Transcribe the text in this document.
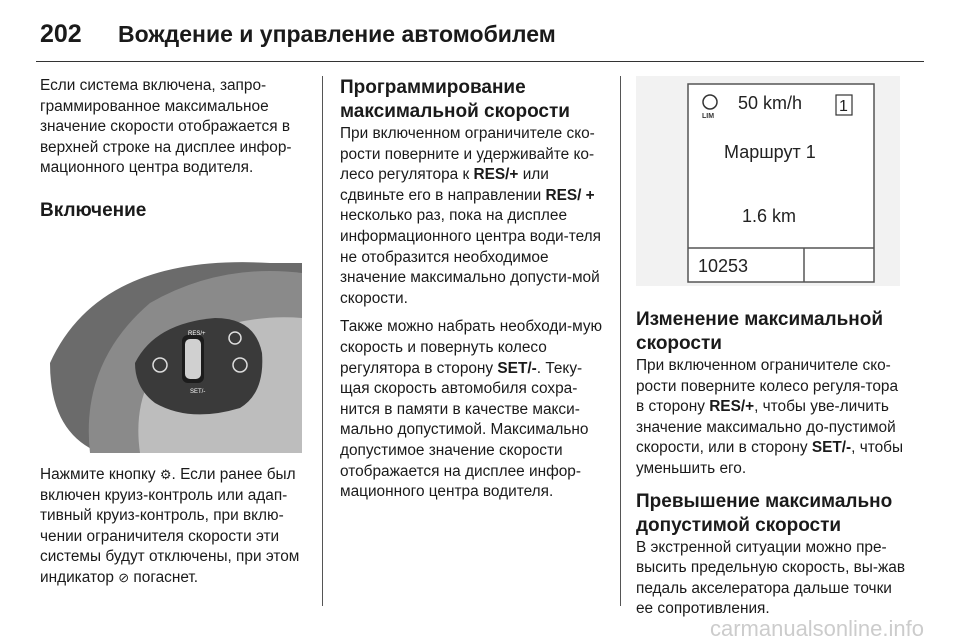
202	Вождение и управление автомобилем

Если система включена, запро-граммированное максимальное значение скорости отображается в верхней строке на дисплее инфор-мационного центра водителя.

Включение
RES/+
SET/-

Нажмите кнопку ⚙. Если ранее был включен круиз-контроль или адап-тивный круиз-контроль, при вклю-чении ограничителя скорости эти системы будут отключены, при этом индикатор ⊘ погаснет.

Программирование максимальной скорости

При включенном ограничителе ско-рости поверните и удерживайте ко-лесо регулятора к RES/+ или сдвиньте его в направлении RES/ + несколько раз, пока на дисплее информационного центра води-теля не отобразится необходимое значение максимально допусти-мой скорости.

Также можно набрать необходи-мую скорость и повернуть колесо регулятора в сторону SET/-. Теку-щая скорость автомобиля сохра-нится в памяти в качестве макси-мально допустимой. Максимально допустимое значение скорости отображается на дисплее инфор-мационного центра водителя.

LIM
50 km/h 1
Маршрут 1
1.6 km
10253
Изменение максимальной скорости

При включенном ограничителе ско-рости поверните колесо регуля-тора в сторону RES/+, чтобы уве-личить значение максимально до-пустимой скорости, или в сторону SET/-, чтобы уменьшить его.

Превышение максимально допустимой скорости

В экстренной ситуации можно пре-высить предельную скорость, вы-жав педаль акселератора дальше точки ее сопротивления.

carmanualsonline.info
